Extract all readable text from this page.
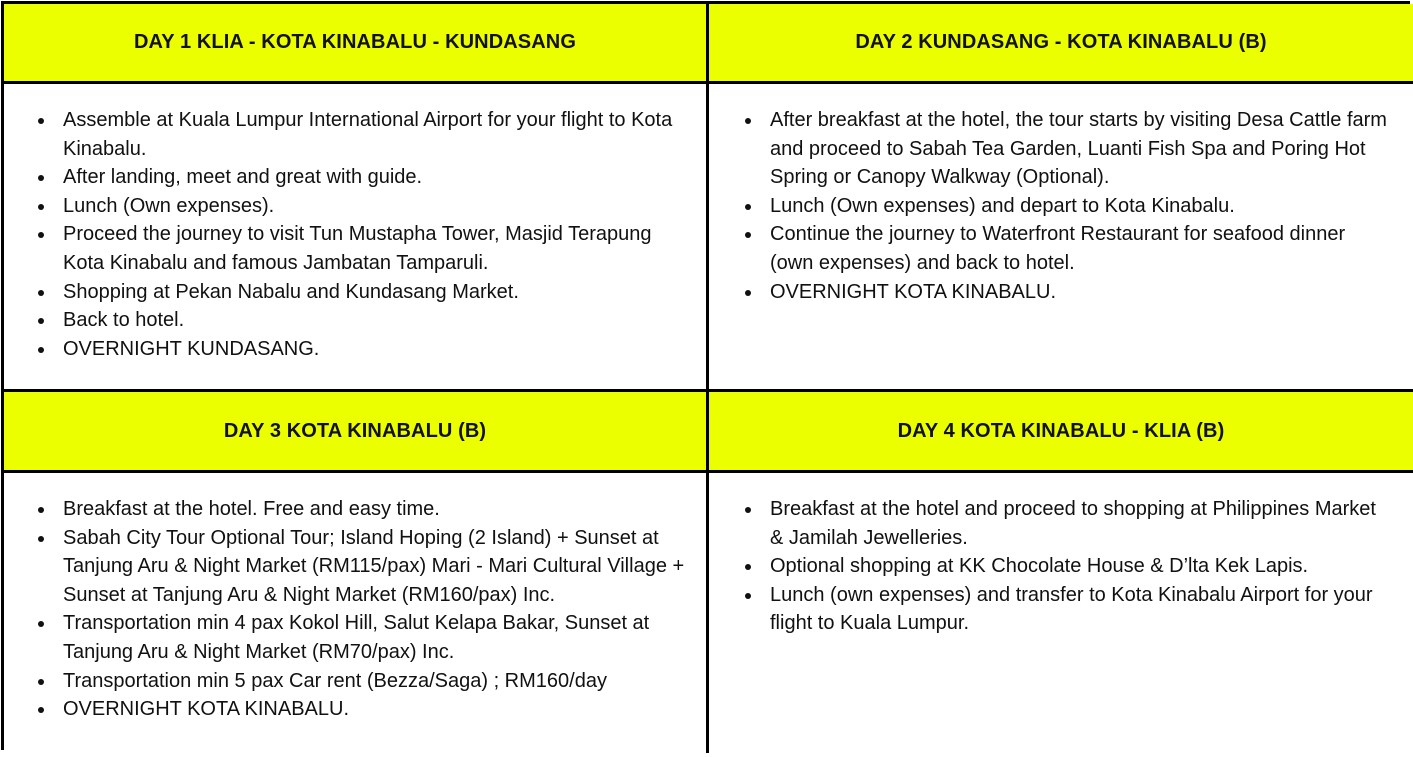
DAY 1 KLIA - KOTA KINABALU - KUNDASANG	DAY 2 KUNDASANG - KOTA KINABALU (B)
Assemble at Kuala Lumpur International Airport for your flight to Kota Kinabalu.
After landing, meet and great with guide.
Lunch (Own expenses).
Proceed the journey to visit Tun Mustapha Tower, Masjid Terapung Kota Kinabalu and famous Jambatan Tamparuli.
Shopping at Pekan Nabalu and Kundasang Market.
Back to hotel.
OVERNIGHT KUNDASANG.
After breakfast at the hotel, the tour starts by visiting Desa Cattle farm and proceed to Sabah Tea Garden, Luanti Fish Spa and Poring Hot Spring or Canopy Walkway (Optional).
Lunch (Own expenses) and depart to Kota Kinabalu.
Continue the journey to Waterfront Restaurant for seafood dinner (own expenses) and back to hotel.
OVERNIGHT KOTA KINABALU.
DAY 3 KOTA KINABALU (B)	DAY 4 KOTA KINABALU - KLIA (B)
Breakfast at the hotel. Free and easy time.
Sabah City Tour Optional Tour; Island Hoping (2 Island) + Sunset at Tanjung Aru & Night Market (RM115/pax) Mari - Mari Cultural Village + Sunset at Tanjung Aru & Night Market (RM160/pax) Inc.
Transportation min 4 pax Kokol Hill, Salut Kelapa Bakar, Sunset at Tanjung Aru & Night Market (RM70/pax) Inc.
Transportation min 5 pax Car rent (Bezza/Saga) ; RM160/day
OVERNIGHT KOTA KINABALU.
Breakfast at the hotel and proceed to shopping at Philippines Market & Jamilah Jewelleries.
Optional shopping at KK Chocolate House & D’lta Kek Lapis.
Lunch (own expenses) and transfer to Kota Kinabalu Airport for your flight to Kuala Lumpur.
